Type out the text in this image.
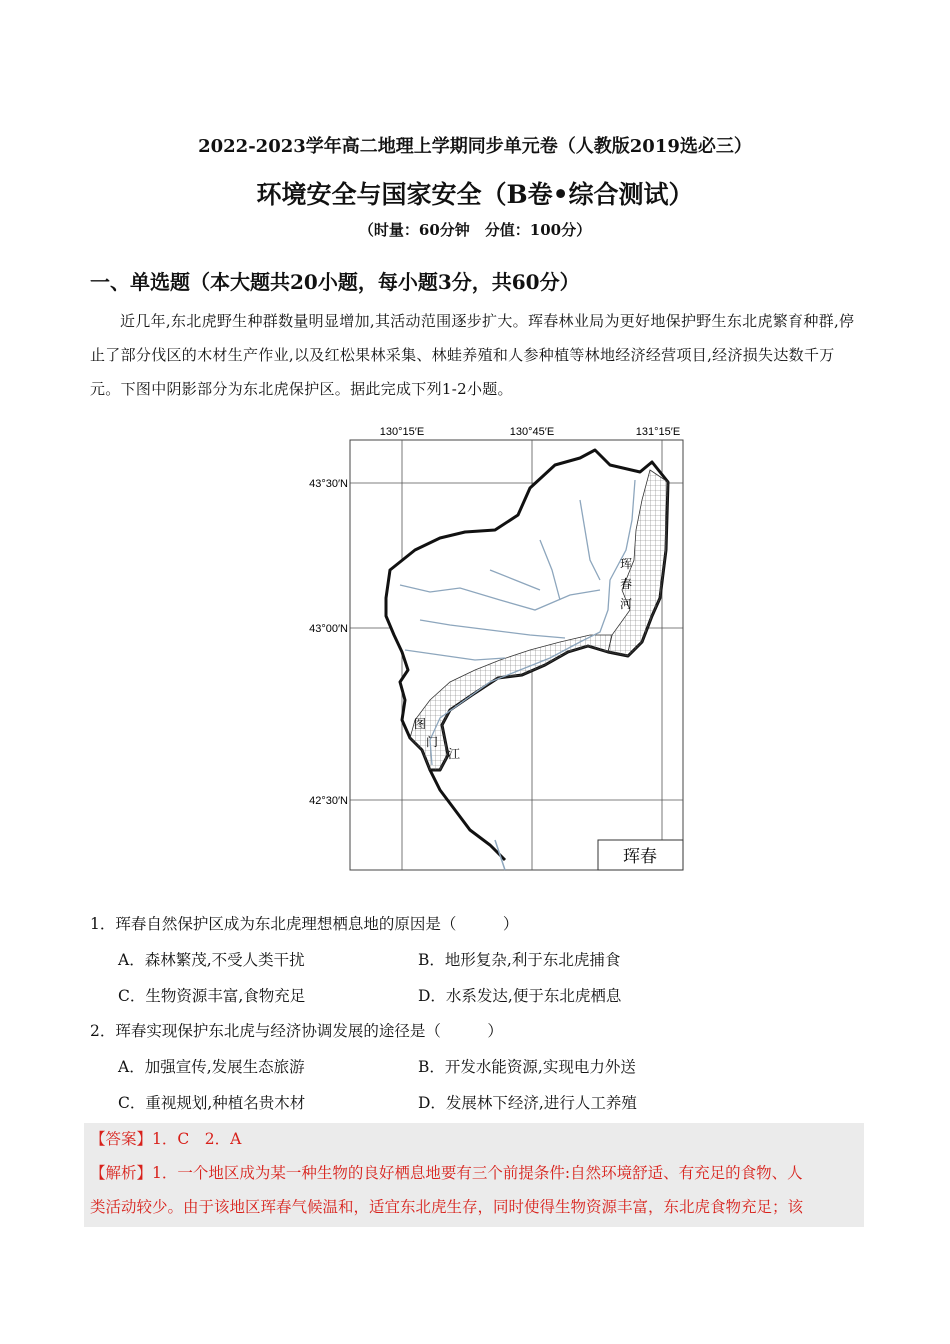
2022-2023学年高二地理上学期同步单元卷（人教版2019选必三）
环境安全与国家安全（B卷•综合测试）
（时量：60分钟　分值：100分）
一、单选题（本大题共20小题，每小题3分，共60分）
近几年,东北虎野生种群数量明显增加,其活动范围逐步扩大。珲春林业局为更好地保护野生东北虎繁育种群,停止了部分伐区的木材生产作业,以及红松果林采集、林蛙养殖和人参种植等林地经济经营项目,经济损失达数千万元。下图中阴影部分为东北虎保护区。据此完成下列1-2小题。
130°15′E	130°45′E	131°15′E
43°30′N
43°00′N
42°30′N
珲
春
河
图
门
江
珲春
1．珲春自然保护区成为东北虎理想栖息地的原因是（　　　）
A．森林繁茂,不受人类干扰	B．地形复杂,利于东北虎捕食
C．生物资源丰富,食物充足	D．水系发达,便于东北虎栖息
2．珲春实现保护东北虎与经济协调发展的途径是（　　　）
A．加强宣传,发展生态旅游	B．开发水能资源,实现电力外送
C．重视规划,种植名贵木材	D．发展林下经济,进行人工养殖
【答案】1．C　2．A
【解析】1．一个地区成为某一种生物的良好栖息地要有三个前提条件:自然环境舒适、有充足的食物、人
类活动较少。由于该地区珲春气候温和，适宜东北虎生存，同时使得生物资源丰富，东北虎食物充足；该
